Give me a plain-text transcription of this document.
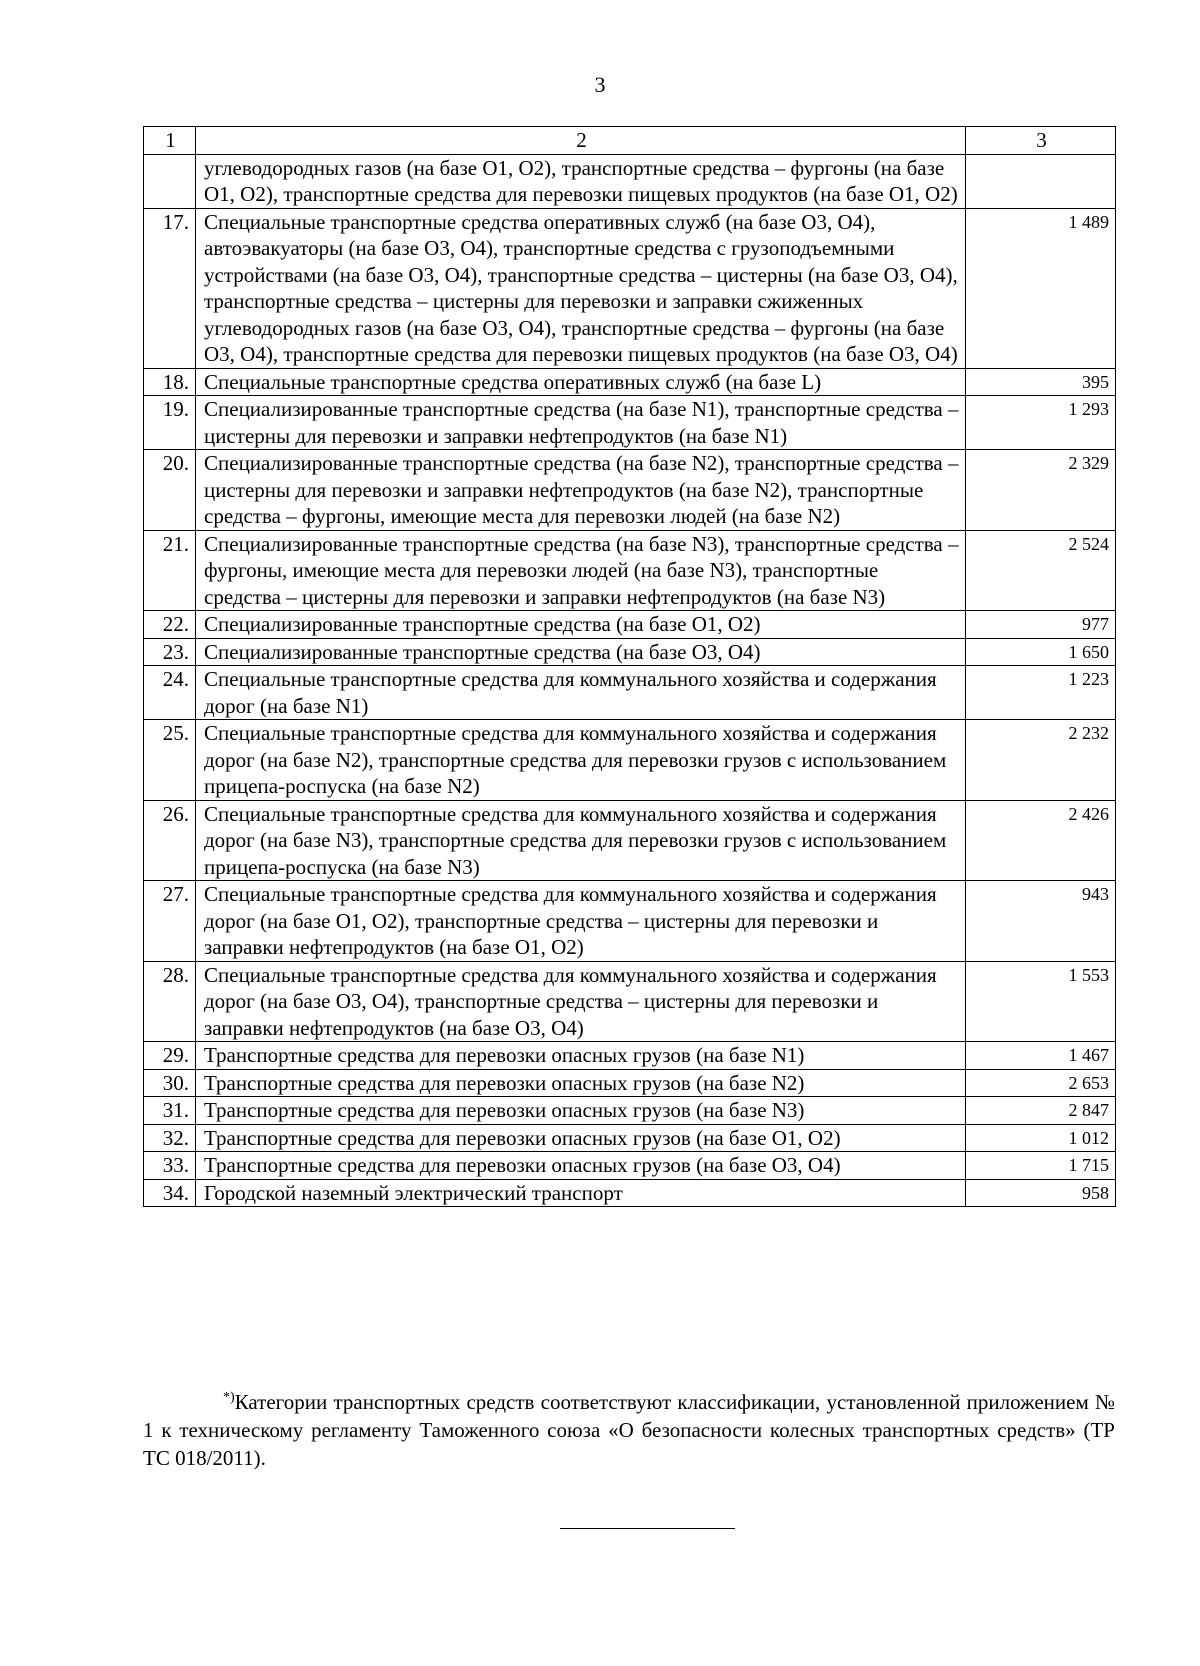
3
1	2	3
	углеводородных газов (на базе O1, O2), транспортные средства – фургоны (на базе O1, O2), транспортные средства для перевозки пищевых продуктов (на базе O1, O2)	
17.	Специальные транспортные средства оперативных служб (на базе O3, O4), автоэвакуаторы (на базе O3, O4), транспортные средства с грузоподъемными устройствами (на базе O3, O4), транспортные средства – цистерны (на базе O3, O4), транспортные средства – цистерны для перевозки и заправки сжиженных углеводородных газов (на базе O3, O4), транспортные средства – фургоны (на базе O3, O4), транспортные средства для перевозки пищевых продуктов (на базе O3, O4)	1 489
18.	Специальные транспортные средства оперативных служб (на базе L)	395
19.	Специализированные транспортные средства (на базе N1), транспортные средства – цистерны для перевозки и заправки нефтепродуктов (на базе N1)	1 293
20.	Специализированные транспортные средства (на базе N2), транспортные средства – цистерны для перевозки и заправки нефтепродуктов (на базе N2), транспортные средства – фургоны, имеющие места для перевозки людей (на базе N2)	2 329
21.	Специализированные транспортные средства (на базе N3), транспортные средства – фургоны, имеющие места для перевозки людей (на базе N3), транспортные средства – цистерны для перевозки и заправки нефтепродуктов (на базе N3)	2 524
22.	Специализированные транспортные средства (на базе O1, O2)	977
23.	Специализированные транспортные средства (на базе O3, O4)	1 650
24.	Специальные транспортные средства для коммунального хозяйства и содержания дорог (на базе N1)	1 223
25.	Специальные транспортные средства для коммунального хозяйства и содержания дорог (на базе N2), транспортные средства для перевозки грузов с использованием прицепа-роспуска (на базе N2)	2 232
26.	Специальные транспортные средства для коммунального хозяйства и содержания дорог (на базе N3), транспортные средства для перевозки грузов с использованием прицепа-роспуска (на базе N3)	2 426
27.	Специальные транспортные средства для коммунального хозяйства и содержания дорог (на базе O1, O2), транспортные средства – цистерны для перевозки и заправки нефтепродуктов (на базе O1, O2)	943
28.	Специальные транспортные средства для коммунального хозяйства и содержания дорог (на базе O3, O4), транспортные средства – цистерны для перевозки и заправки нефтепродуктов (на базе O3, O4)	1 553
29.	Транспортные средства для перевозки опасных грузов (на базе N1)	1 467
30.	Транспортные средства для перевозки опасных грузов (на базе N2)	2 653
31.	Транспортные средства для перевозки опасных грузов (на базе N3)	2 847
32.	Транспортные средства для перевозки опасных грузов (на базе O1, O2)	1 012
33.	Транспортные средства для перевозки опасных грузов (на базе O3, O4)	1 715
34.	Городской наземный электрический транспорт	958
*)Категории транспортных средств соответствуют классификации, установленной приложением № 1 к техническому регламенту Таможенного союза «О безопасности колесных транспортных средств» (ТР ТС 018/2011).
